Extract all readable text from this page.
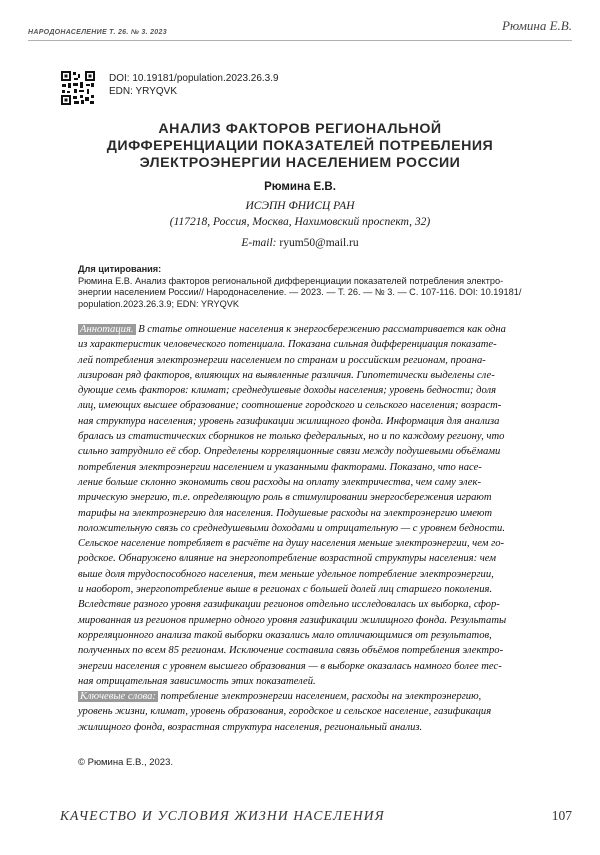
НАРОДОНАСЕЛЕНИЕ Т. 26. № 3. 2023	Рюмина Е.В.
DOI: 10.19181/population.2023.26.3.9
EDN: YRYQVK
АНАЛИЗ ФАКТОРОВ РЕГИОНАЛЬНОЙ
ДИФФЕРЕНЦИАЦИИ ПОКАЗАТЕЛЕЙ ПОТРЕБЛЕНИЯ
ЭЛЕКТРОЭНЕРГИИ НАСЕЛЕНИЕМ РОССИИ
Рюмина Е.В.
ИСЭПН ФНИСЦ РАН
(117218, Россия, Москва, Нахимовский проспект, 32)
E-mail: ryum50@mail.ru
Для цитирования:
Рюмина Е.В. Анализ факторов региональной дифференциации показателей потребления электро-
энергии населением России// Народонаселение. — 2023. — Т. 26. — № 3. — С. 107-116. DOI: 10.19181/
population.2023.26.3.9; EDN: YRYQVK
Аннотация. В статье отношение населения к энергосбережению рассматривается как одна
из характеристик человеческого потенциала. Показана сильная дифференциация показате-
лей потребления электроэнергии населением по странам и российским регионам, проана-
лизирован ряд факторов, влияющих на выявленные различия. Гипотетически выделены сле-
дующие семь факторов: климат; среднедушевые доходы населения; уровень бедности; доля
лиц, имеющих высшее образование; соотношение городского и сельского населения; возраст-
ная структура населения; уровень газификации жилищного фонда. Информация для анализа
бралась из статистических сборников не только федеральных, но и по каждому региону, что
сильно затруднило её сбор. Определены корреляционные связи между подушевыми объёмами
потребления электроэнергии населением и указанными факторами. Показано, что насе-
ление больше склонно экономить свои расходы на оплату электричества, чем саму элек-
трическую энергию, т.е. определяющую роль в стимулировании энергосбережения играют
тарифы на электроэнергию для населения. Подушевые расходы на электроэнергию имеют
положительную связь со среднедушевыми доходами и отрицательную — с уровнем бедности.
Сельское население потребляет в расчёте на душу населения меньше электроэнергии, чем го-
родское. Обнаружено влияние на энергопотребление возрастной структуры населения: чем
выше доля трудоспособного населения, тем меньше удельное потребление электроэнергии,
и наоборот, энергопотребление выше в регионах с большей долей лиц старшего поколения.
Вследствие разного уровня газификации регионов отдельно исследовалась их выборка, сфор-
мированная из регионов примерно одного уровня газификации жилищного фонда. Результаты
корреляционного анализа такой выборки оказались мало отличающимися от результатов,
полученных по всем 85 регионам. Исключение составила связь объёмов потребления электро-
энергии населения с уровнем высшего образования — в выборке оказалась намного более тес-
ная отрицательная зависимость этих показателей.
Ключевые слова: потребление электроэнергии населением, расходы на электроэнергию,
уровень жизни, климат, уровень образования, городское и сельское население, газификация
жилищного фонда, возрастная структура населения, региональный анализ.
© Рюмина Е.В., 2023.
КАЧЕСТВО И УСЛОВИЯ ЖИЗНИ НАСЕЛЕНИЯ	107
